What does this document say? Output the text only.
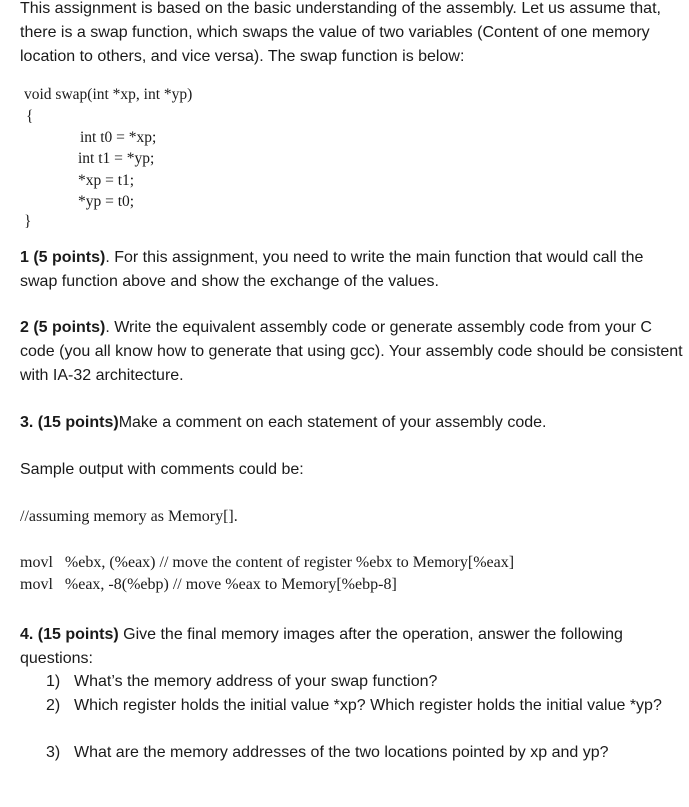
This assignment is based on the basic understanding of the assembly. Let us assume that, there is a swap function, which swaps the value of two variables (Content of one memory location to others, and vice versa). The swap function is below:
void swap(int *xp, int *yp)
{
int t0 = *xp;
int t1 = *yp;
*xp = t1;
*yp = t0;
}
1 (5 points). For this assignment, you need to write the main function that would call the swap function above and show the exchange of the values.
2 (5 points). Write the equivalent assembly code or generate assembly code from your C code (you all know how to generate that using gcc). Your assembly code should be consistent with IA-32 architecture.
3. (15 points)Make a comment on each statement of your assembly code.
Sample output with comments could be:
//assuming memory as Memory[].
movl   %ebx, (%eax) // move the content of register %ebx to Memory[%eax]
movl   %eax, -8(%ebp) // move %eax to Memory[%ebp-8]
4. (15 points) Give the final memory images after the operation, answer the following questions:
1) What’s the memory address of your swap function?
2) Which register holds the initial value *xp? Which register holds the initial value *yp?
3) What are the memory addresses of the two locations pointed by xp and yp?
